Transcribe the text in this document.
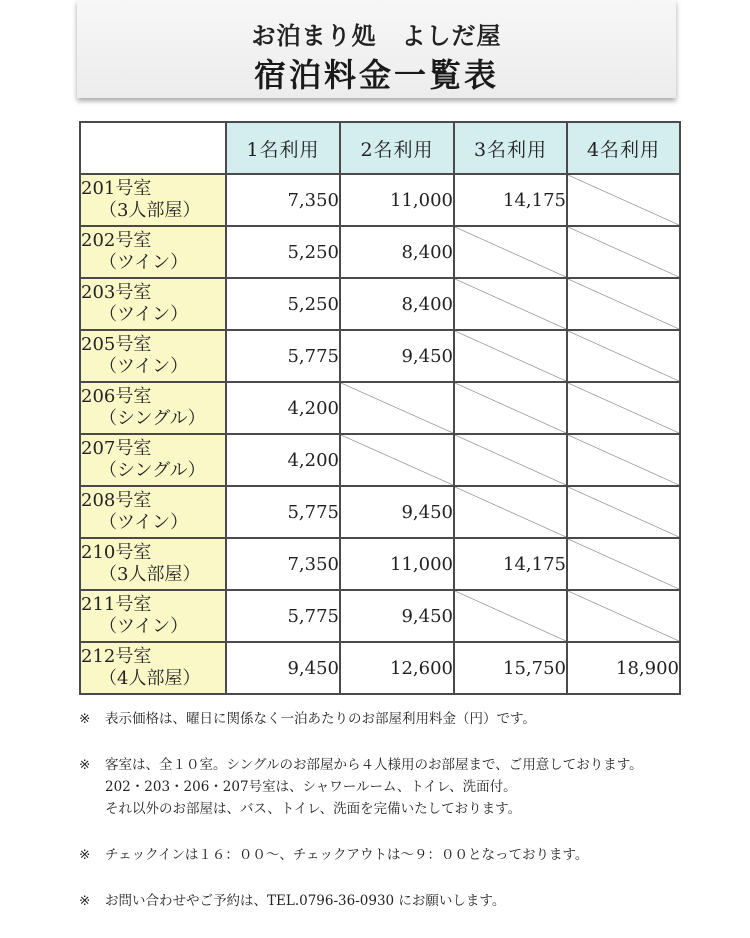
お泊まり処　よしだ屋
宿泊料金一覧表
	1名利用	2名利用	3名利用	4名利用

201号室
（3人部屋）	7,350	11,000	14,175	

202号室
（ツイン）	5,250	8,400		

203号室
（ツイン）	5,250	8,400		

205号室
（ツイン）	5,775	9,450		

206号室
（シングル）	4,200			

207号室
（シングル）	4,200			

208号室
（ツイン）	5,775	9,450		

210号室
（3人部屋）	7,350	11,000	14,175	

211号室
（ツイン）	5,775	9,450		

212号室
（4人部屋）	9,450	12,600	15,750	18,900
※ 表示価格は、曜日に関係なく一泊あたりのお部屋利用料金（円）です。
※ 客室は、全１０室。シングルのお部屋から４人様用のお部屋まで、ご用意しております。
202・203・206・207号室は、シャワールーム、トイレ、洗面付。
それ以外のお部屋は、バス、トイレ、洗面を完備いたしております。
※ チェックインは１６：００〜、チェックアウトは〜９：００となっております。
※ お問い合わせやご予約は、TEL.0796-36-0930 にお願いします。
